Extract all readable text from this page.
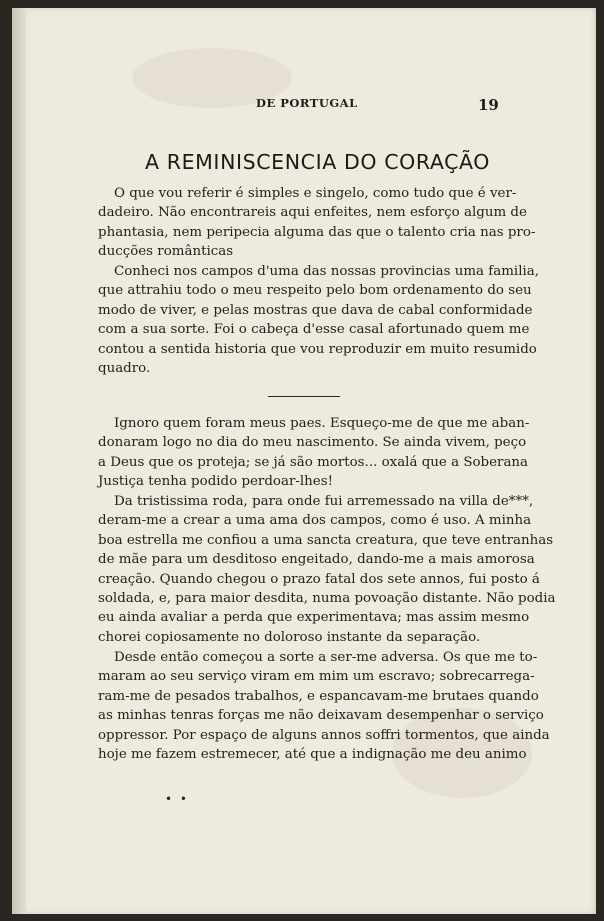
DE PORTUGAL	19
A REMINISCENCIA DO CORAÇÃO

O que vou referir é simples e singelo, como tudo que é ver-
dadeiro. Não encontrareis aqui enfeites, nem esforço algum de
phantasia, nem peripecia alguma das que o talento cria nas pro-
ducções românticas

Conheci nos campos d'uma das nossas provincias uma familia,
que attrahiu todo o meu respeito pelo bom ordenamento do seu
modo de viver, e pelas mostras que dava de cabal conformidade
com a sua sorte. Foi o cabeça d'esse casal afortunado quem me
contou a sentida historia que vou reproduzir em muito resumido
quadro.

Ignoro quem foram meus paes. Esqueço-me de que me aban-
donaram logo no dia do meu nascimento. Se ainda vivem, peço
a Deus que os proteja; se já são mortos... oxalá que a Soberana
Justiça tenha podido perdoar-lhes!

Da tristissima roda, para onde fui arremessado na villa de***,
deram-me a crear a uma ama dos campos, como é uso. A minha
boa estrella me confiou a uma sancta creatura, que teve entranhas
de mãe para um desditoso engeitado, dando-me a mais amorosa
creação. Quando chegou o prazo fatal dos sete annos, fui posto á
soldada, e, para maior desdita, numa povoação distante. Não podia
eu ainda avaliar a perda que experimentava; mas assim mesmo
chorei copiosamente no doloroso instante da separação.

Desde então começou a sorte a ser-me adversa. Os que me to-
maram ao seu serviço viram em mim um escravo; sobrecarrega-
ram-me de pesados trabalhos, e espancavam-me brutaes quando
as minhas tenras forças me não deixavam desempenhar o serviço
oppressor. Por espaço de alguns annos soffri tormentos, que ainda
hoje me fazem estremecer, até que a indignação me deu animo

• •
